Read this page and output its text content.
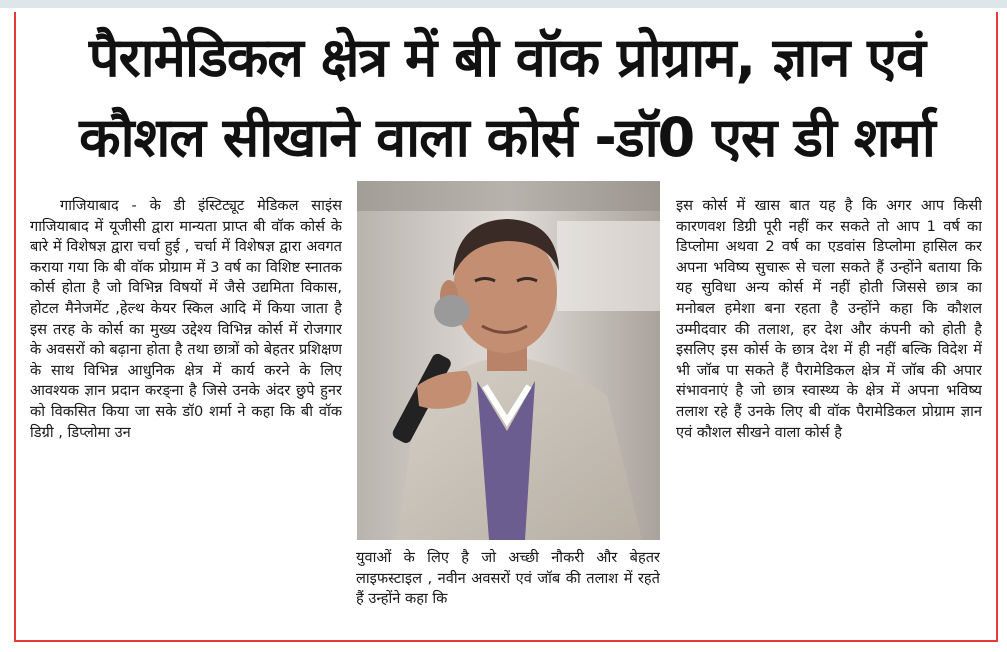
पैरामेडिकल क्षेत्र में बी वॉक प्रोग्राम, ज्ञान एवं
कौशल सीखाने वाला कोर्स -डॉ0 एस डी शर्मा

गाजियाबाद - के डी इंस्टिट्यूट मेडिकल साइंस गाजियाबाद में यूजीसी द्वारा मान्यता प्राप्त बी वॉक कोर्स के बारे में विशेषज्ञ द्वारा चर्चा हुई , चर्चा में विशेषज्ञ द्वारा अवगत कराया गया कि बी वॉक प्रोग्राम में 3 वर्ष का विशिष्ट स्नातक कोर्स होता है जो विभिन्न विषयों में जैसे उद्यमिता विकास, होटल मैनेजमेंट ,हेल्थ केयर स्किल आदि में किया जाता है इस तरह के कोर्स का मुख्य उद्देश्य विभिन्न कोर्स में रोजगार के अवसरों को बढ़ाना होता है तथा छात्रों को बेहतर प्रशिक्षण के साथ विभिन्न आधुनिक क्षेत्र में कार्य करने के लिए आवश्यक ज्ञान प्रदान करङ्ना है जिसे उनके अंदर छुपे हुनर को विकसित किया जा सके डॉ0 शर्मा ने कहा कि बी वॉक डिग्री , डिप्लोमा उन

युवाओं के लिए है जो अच्छी नौकरी और बेहतर लाइफस्टाइल , नवीन अवसरों एवं जॉब की तलाश में रहते हैं उन्होंने कहा कि

इस कोर्स में खास बात यह है कि अगर आप किसी कारणवश डिग्री पूरी नहीं कर सकते तो आप 1 वर्ष का डिप्लोमा अथवा 2 वर्ष का एडवांस डिप्लोमा हासिल कर अपना भविष्य सुचारू से चला सकते हैं उन्होंने बताया कि यह सुविधा अन्य कोर्स में नहीं होती जिससे छात्र का मनोबल हमेशा बना रहता है उन्होंने कहा कि कौशल उम्मीदवार की तलाश, हर देश और कंपनी को होती है इसलिए इस कोर्स के छात्र देश में ही नहीं बल्कि विदेश में भी जॉब पा सकते हैं पैरामेडिकल क्षेत्र में जॉब की अपार संभावनाएं है जो छात्र स्वास्थ्य के क्षेत्र में अपना भविष्य तलाश रहे हैं उनके लिए बी वॉक पैरामेडिकल प्रोग्राम ज्ञान एवं कौशल सीखने वाला कोर्स है
